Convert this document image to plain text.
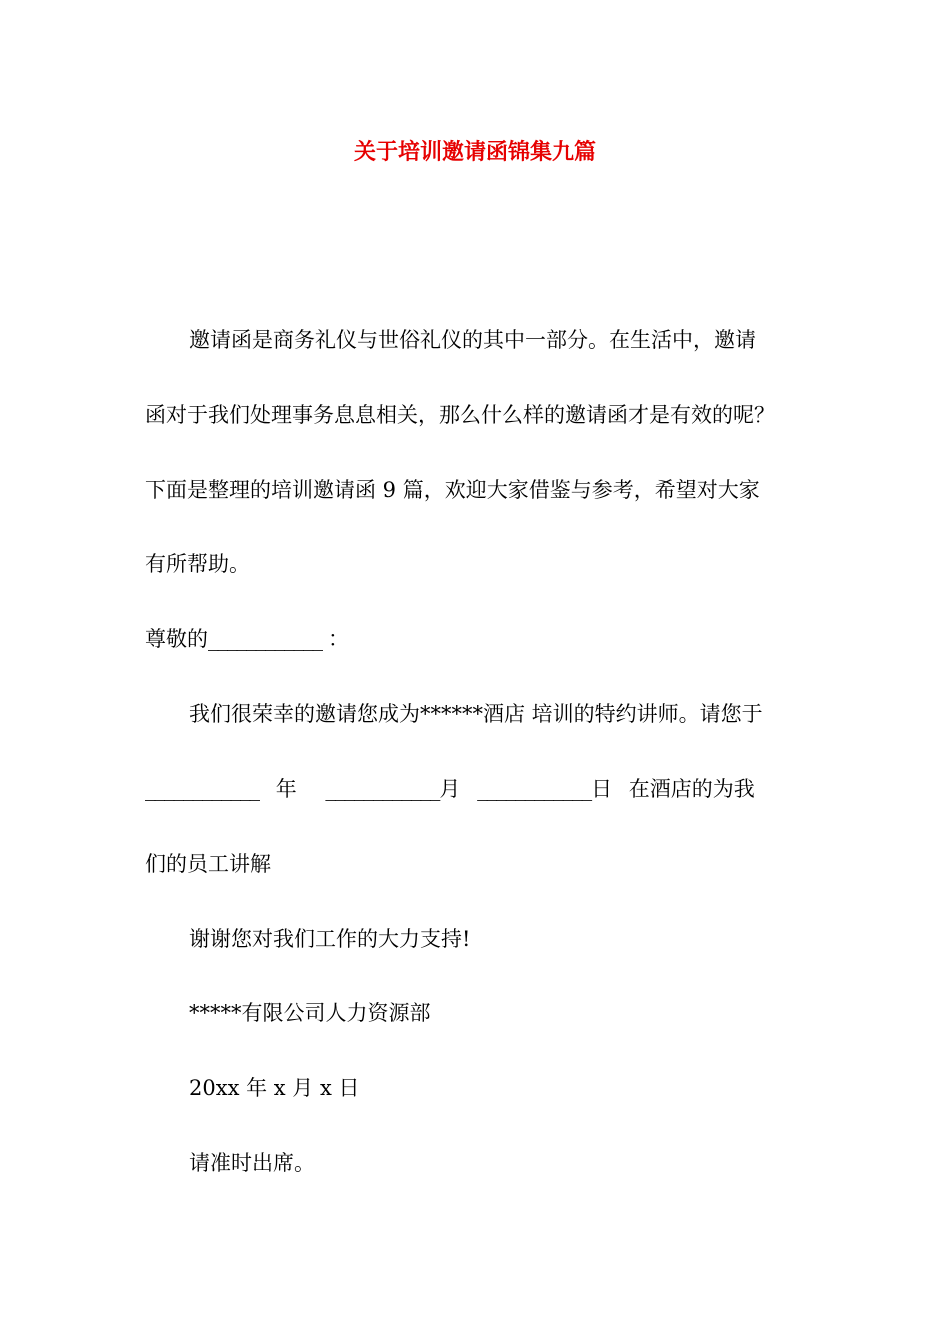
关于培训邀请函锦集九篇
邀请函是商务礼仪与世俗礼仪的其中一部分。在生活中，邀请
函对于我们处理事务息息相关，那么什么样的邀请函才是有效的呢？
下面是整理的培训邀请函 9 篇，欢迎大家借鉴与参考，希望对大家
有所帮助。
尊敬的____________ ：
我们很荣幸的邀请您成为******酒店 培训的特约讲师。请您于
____________ 年 ____________月 ____________日 在酒店的为我
们的员工讲解
谢谢您对我们工作的大力支持!
*****有限公司人力资源部
20xx 年 x 月 x 日
请准时出席。
